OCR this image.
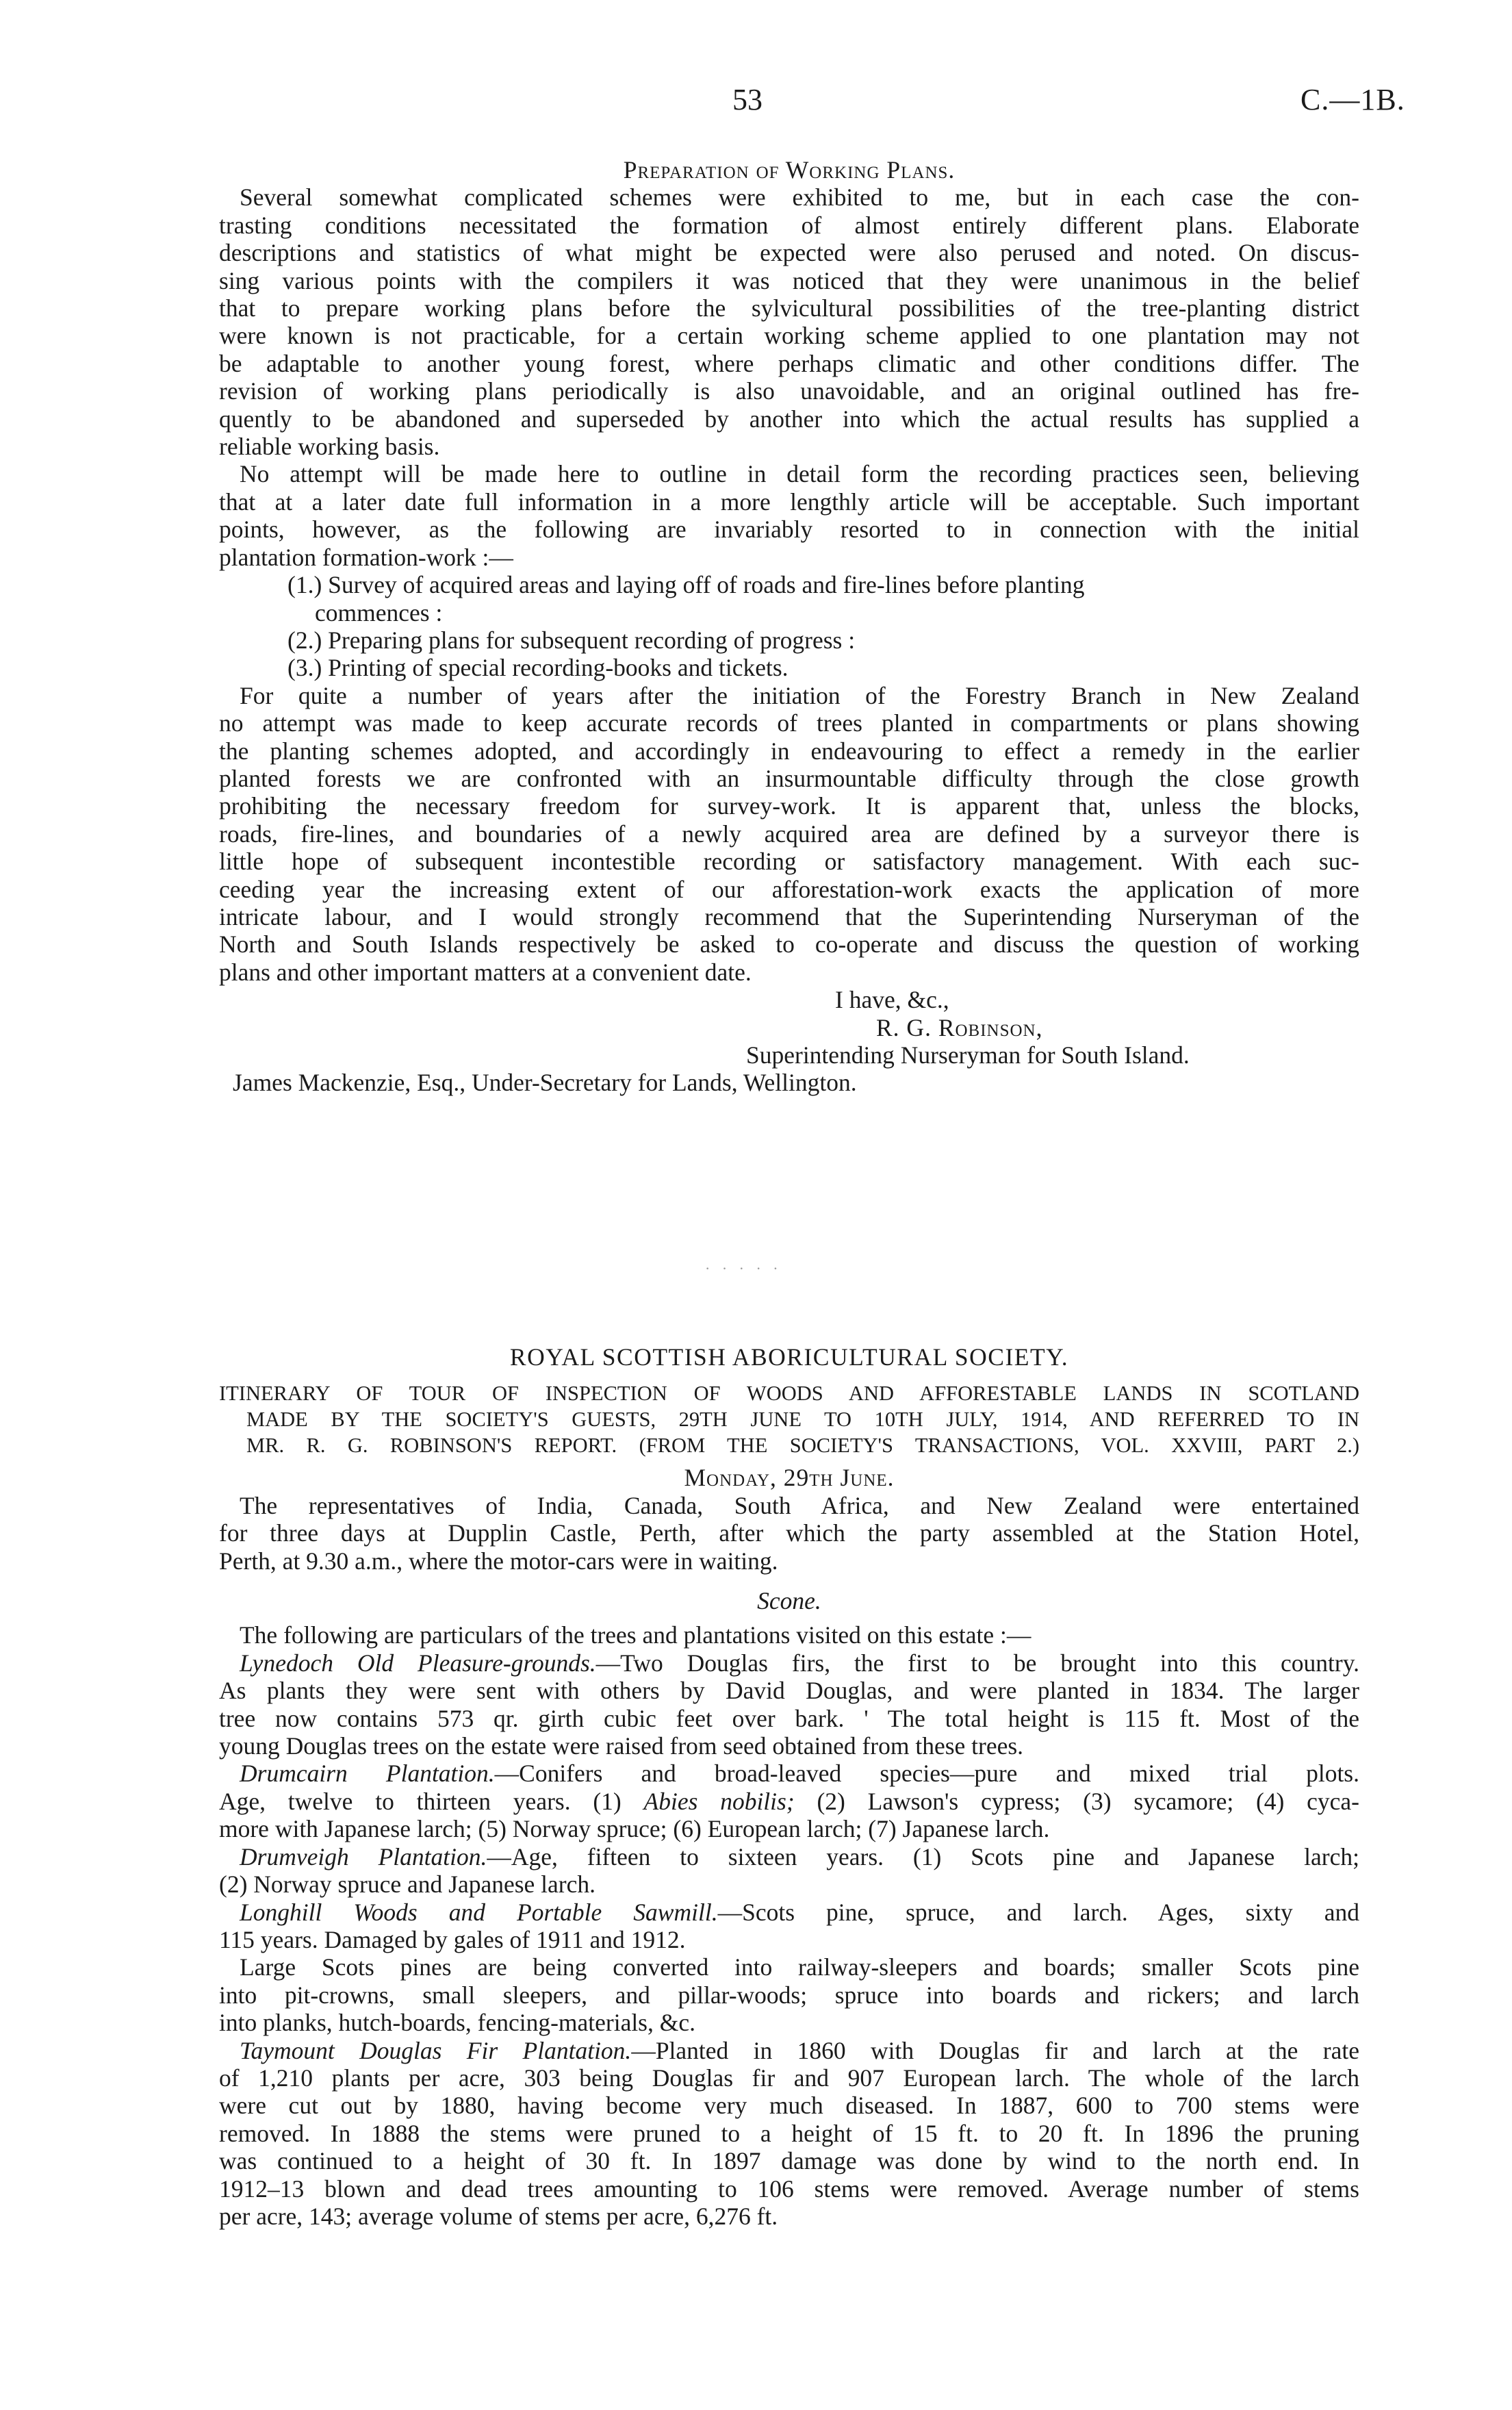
53	C.—1B.

Preparation of Working Plans.

Several somewhat complicated schemes were exhibited to me, but in each case the con-

trasting conditions necessitated the formation of almost entirely different plans. Elaborate

descriptions and statistics of what might be expected were also perused and noted. On discus-

sing various points with the compilers it was noticed that they were unanimous in the belief

that to prepare working plans before the sylvicultural possibilities of the tree-planting district

were known is not practicable, for a certain working scheme applied to one plantation may not

be adaptable to another young forest, where perhaps climatic and other conditions differ. The

revision of working plans periodically is also unavoidable, and an original outlined has fre-

quently to be abandoned and superseded by another into which the actual results has supplied a

reliable working basis.

No attempt will be made here to outline in detail form the recording practices seen, believing

that at a later date full information in a more lengthly article will be acceptable. Such important

points, however, as the following are invariably resorted to in connection with the initial

plantation formation-work :—

(1.) Survey of acquired areas and laying off of roads and fire-lines before planting

commences :

(2.) Preparing plans for subsequent recording of progress :

(3.) Printing of special recording-books and tickets.

For quite a number of years after the initiation of the Forestry Branch in New Zealand

no attempt was made to keep accurate records of trees planted in compartments or plans showing

the planting schemes adopted, and accordingly in endeavouring to effect a remedy in the earlier

planted forests we are confronted with an insurmountable difficulty through the close growth

prohibiting the necessary freedom for survey-work. It is apparent that, unless the blocks,

roads, fire-lines, and boundaries of a newly acquired area are defined by a surveyor there is

little hope of subsequent incontestible recording or satisfactory management. With each suc-

ceeding year the increasing extent of our afforestation-work exacts the application of more

intricate labour, and I would strongly recommend that the Superintending Nurseryman of the

North and South Islands respectively be asked to co-operate and discuss the question of working

plans and other important matters at a convenient date.

I have, &c.,

R. G. Robinson,

Superintending Nurseryman for South Island.

James Mackenzie, Esq., Under-Secretary for Lands, Wellington.

· · · · ·

ROYAL SCOTTISH ABORICULTURAL SOCIETY.

ITINERARY OF TOUR OF INSPECTION OF WOODS AND AFFORESTABLE LANDS IN SCOTLAND

MADE BY THE SOCIETY'S GUESTS, 29TH JUNE TO 10TH JULY, 1914, AND REFERRED TO IN

MR. R. G. ROBINSON'S REPORT. (FROM THE SOCIETY'S TRANSACTIONS, VOL. XXVIII, PART 2.)

Monday, 29th June.

The representatives of India, Canada, South Africa, and New Zealand were entertained

for three days at Dupplin Castle, Perth, after which the party assembled at the Station Hotel,

Perth, at 9.30 a.m., where the motor-cars were in waiting.

Scone.

The following are particulars of the trees and plantations visited on this estate :—

Lynedoch Old Pleasure-grounds.—Two Douglas firs, the first to be brought into this country.

As plants they were sent with others by David Douglas, and were planted in 1834. The larger

tree now contains 573 qr. girth cubic feet over bark. ' The total height is 115 ft. Most of the

young Douglas trees on the estate were raised from seed obtained from these trees.

Drumcairn Plantation.—Conifers and broad-leaved species—pure and mixed trial plots.

Age, twelve to thirteen years. (1) Abies nobilis; (2) Lawson's cypress; (3) sycamore; (4) cyca-

more with Japanese larch; (5) Norway spruce; (6) European larch; (7) Japanese larch.

Drumveigh Plantation.—Age, fifteen to sixteen years. (1) Scots pine and Japanese larch;

(2) Norway spruce and Japanese larch.

Longhill Woods and Portable Sawmill.—Scots pine, spruce, and larch. Ages, sixty and

115 years. Damaged by gales of 1911 and 1912.

Large Scots pines are being converted into railway-sleepers and boards; smaller Scots pine

into pit-crowns, small sleepers, and pillar-woods; spruce into boards and rickers; and larch

into planks, hutch-boards, fencing-materials, &c.

Taymount Douglas Fir Plantation.—Planted in 1860 with Douglas fir and larch at the rate

of 1,210 plants per acre, 303 being Douglas fir and 907 European larch. The whole of the larch

were cut out by 1880, having become very much diseased. In 1887, 600 to 700 stems were

removed. In 1888 the stems were pruned to a height of 15 ft. to 20 ft. In 1896 the pruning

was continued to a height of 30 ft. In 1897 damage was done by wind to the north end. In

1912–13 blown and dead trees amounting to 106 stems were removed. Average number of stems

per acre, 143; average volume of stems per acre, 6,276 ft.
